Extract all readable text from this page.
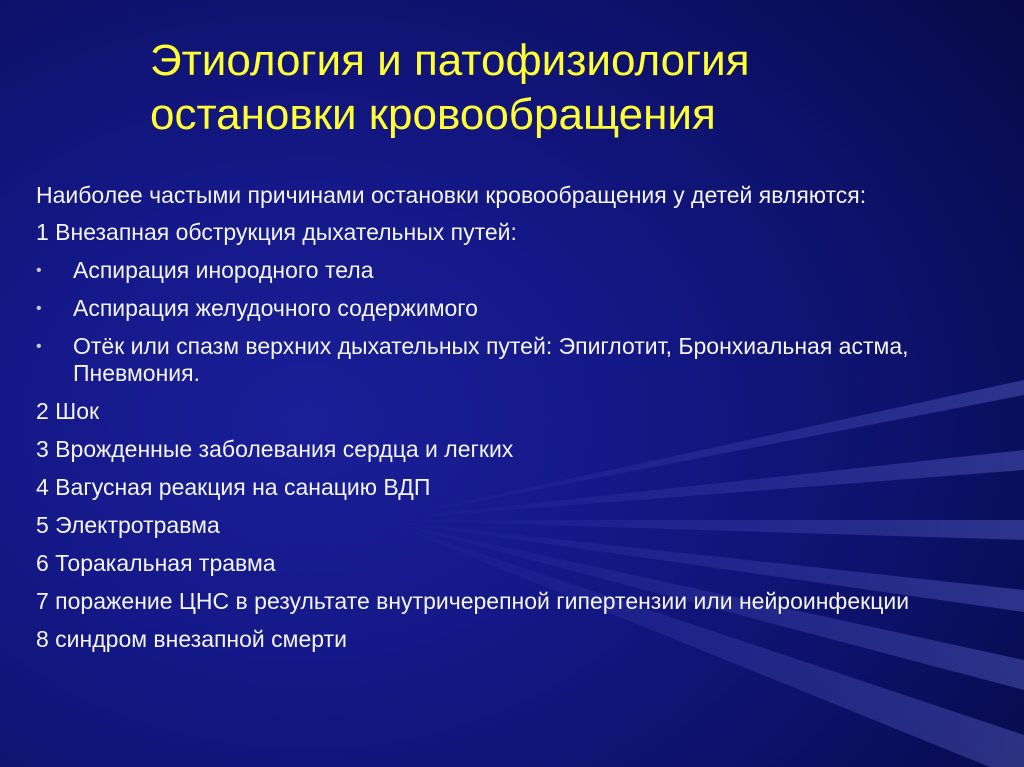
Этиология и патофизиология
остановки кровообращения
Наиболее частыми причинами остановки кровообращения у детей являются:
1 Внезапная обструкция дыхательных путей:
• Аспирация инородного тела
• Аспирация желудочного содержимого
• Отёк или спазм верхних дыхательных путей: Эпиглотит, Бронхиальная астма, Пневмония.
2 Шок
3 Врожденные заболевания сердца и легких
4 Вагусная реакция на санацию ВДП
5 Электротравма
6 Торакальная травма
7 поражение ЦНС в результате внутричерепной гипертензии или нейроинфекции
8 синдром внезапной смерти
